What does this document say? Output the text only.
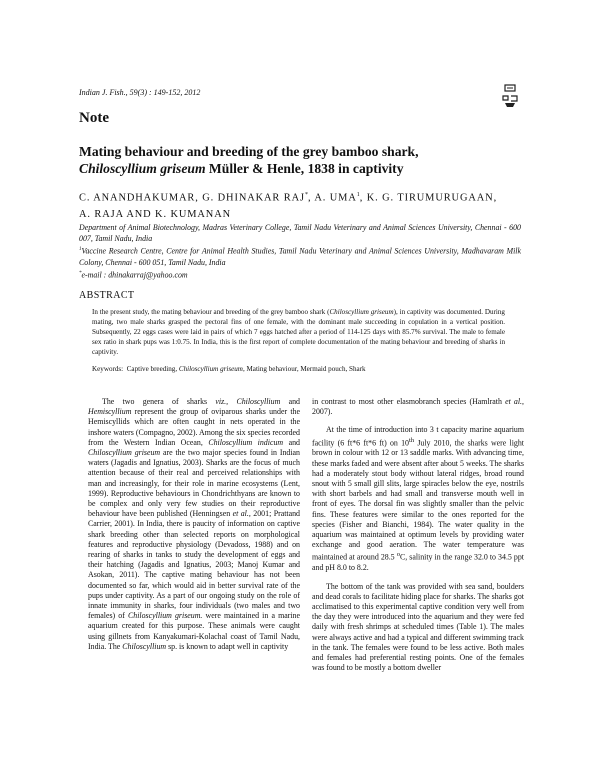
Indian J. Fish., 59(3) : 149-152, 2012
Note
Mating behaviour and breeding of the grey bamboo shark,
Chiloscyllium griseum Müller & Henle, 1838 in captivity
C. ANANDHAKUMAR, G. DHINAKAR RAJ*, A. UMA$^1$, K. G. TIRUMURUGAAN,
A. RAJA AND K. KUMANAN

Department of Animal Biotechnology, Madras Veterinary College, Tamil Nadu Veterinary and Animal Sciences University, Chennai - 600 007, Tamil Nadu, India

$^1$Vaccine Research Centre, Centre for Animal Health Studies, Tamil Nadu Veterinary and Animal Sciences University, Madhavaram Milk Colony, Chennai - 600 051, Tamil Nadu, India

*e-mail : dhinakarraj@yahoo.com

ABSTRACT
In the present study, the mating behaviour and breeding of the grey bamboo shark (Chiloscyllium griseum), in captivity was documented. During mating, two male sharks grasped the pectoral fins of one female, with the dominant male succeeding in copulation in a vertical position. Subsequently, 22 eggs cases were laid in pairs of which 7 eggs hatched after a period of 114-125 days with 85.7% survival. The male to female sex ratio in shark pups was 1:0.75. In India, this is the first report of complete documentation of the mating behaviour and breeding of sharks in captivity.
Keywords: Captive breeding, Chiloscyllium griseum, Mating behaviour, Mermaid pouch, Shark

The two genera of sharks viz., Chiloscyllium and Hemiscyllium represent the group of oviparous sharks under the Hemiscyllids which are often caught in nets operated in the inshore waters (Compagno, 2002). Among the six species recorded from the Western Indian Ocean, Chiloscyllium indicum and Chiloscyllium griseum are the two major species found in Indian waters (Jagadis and Ignatius, 2003). Sharks are the focus of much attention because of their real and perceived relationships with man and increasingly, for their role in marine ecosystems (Lent, 1999). Reproductive behaviours in Chondrichthyans are known to be complex and only very few studies on their reproductive behaviour have been published (Henningsen et al., 2001; Prattand Carrier, 2001). In India, there is paucity of information on captive shark breeding other than selected reports on morphological features and reproductive physiology (Devadoss, 1988) and on rearing of sharks in tanks to study the development of eggs and their hatching (Jagadis and Ignatius, 2003; Manoj Kumar and Asokan, 2011). The captive mating behaviour has not been documented so far, which would aid in better survival rate of the pups under captivity. As a part of our ongoing study on the role of innate immunity in sharks, four individuals (two males and two females) of Chiloscyllium griseum. were maintained in a marine aquarium created for this purpose. These animals were caught using gillnets from Kanyakumari-Kolachal coast of Tamil Nadu, India. The Chiloscyllium sp. is known to adapt well in captivity

in contrast to most other elasmobranch species (Hamlrath et al., 2007).

At the time of introduction into 3 t capacity marine aquarium facility (6 ft*6 ft*6 ft) on 10th July 2010, the sharks were light brown in colour with 12 or 13 saddle marks. With advancing time, these marks faded and were absent after about 5 weeks. The sharks had a moderately stout body without lateral ridges, broad round snout with 5 small gill slits, large spiracles below the eye, nostrils with short barbels and had small and transverse mouth well in front of eyes. The dorsal fin was slightly smaller than the pelvic fins. These features were similar to the ones reported for the species (Fisher and Bianchi, 1984). The water quality in the aquarium was maintained at optimum levels by providing water exchange and good aeration. The water temperature was maintained at around 28.5 $^o$C, salinity in the range 32.0 to 34.5 ppt and pH 8.0 to 8.2.

The bottom of the tank was provided with sea sand, boulders and dead corals to facilitate hiding place for sharks. The sharks got acclimatised to this experimental captive condition very well from the day they were introduced into the aquarium and they were fed daily with fresh shrimps at scheduled times (Table 1). The males were always active and had a typical and different swimming track in the tank. The females were found to be less active. Both males and females had preferential resting points. One of the females was found to be mostly a bottom dweller
